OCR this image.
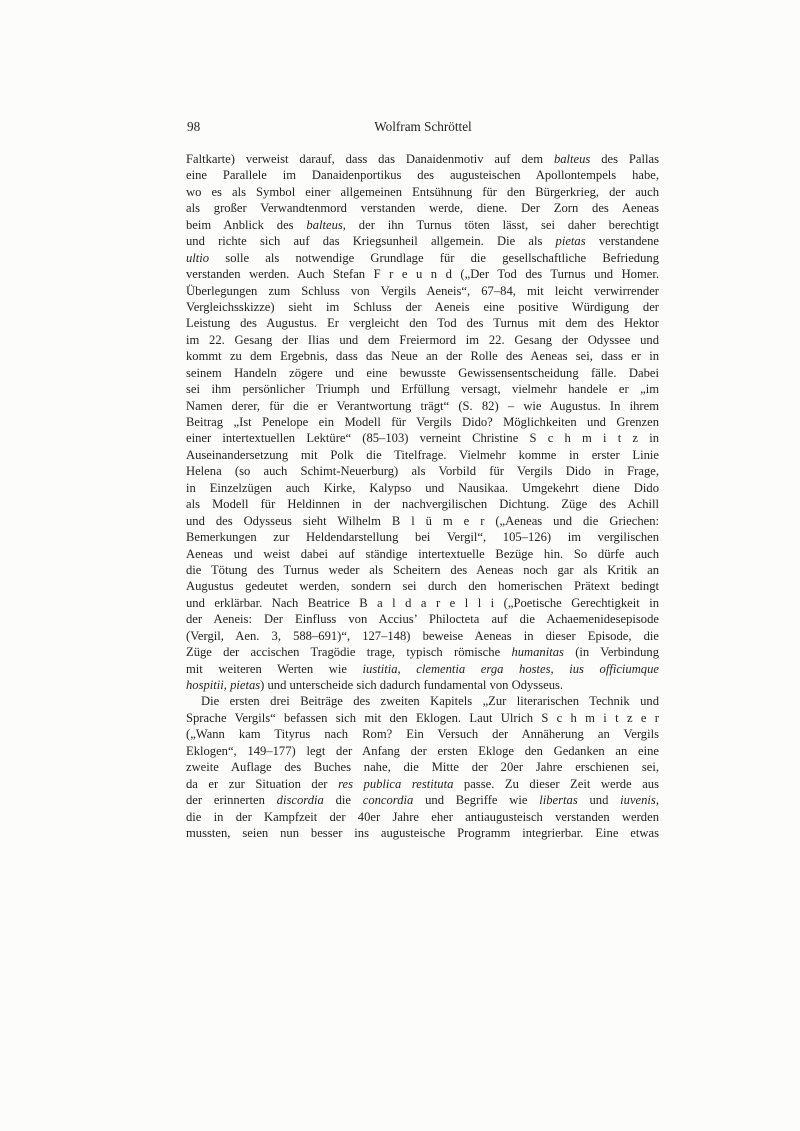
98	Wolfram Schröttel
Faltkarte) verweist darauf, dass das Danaidenmotiv auf dem balteus des Pallas
eine Parallele im Danaidenportikus des augusteischen Apollontempels habe,
wo es als Symbol einer allgemeinen Entsühnung für den Bürgerkrieg, der auch
als großer Verwandtenmord verstanden werde, diene. Der Zorn des Aeneas
beim Anblick des balteus, der ihn Turnus töten lässt, sei daher berechtigt
und richte sich auf das Kriegsunheil allgemein. Die als pietas verstandene
ultio solle als notwendige Grundlage für die gesellschaftliche Befriedung
verstanden werden. Auch Stefan F r e u n d („Der Tod des Turnus und Homer.
Überlegungen zum Schluss von Vergils Aeneis“, 67–84, mit leicht verwirrender
Vergleichsskizze) sieht im Schluss der Aeneis eine positive Würdigung der
Leistung des Augustus. Er vergleicht den Tod des Turnus mit dem des Hektor
im 22. Gesang der Ilias und dem Freiermord im 22. Gesang der Odyssee und
kommt zu dem Ergebnis, dass das Neue an der Rolle des Aeneas sei, dass er in
seinem Handeln zögere und eine bewusste Gewissensentscheidung fälle. Dabei
sei ihm persönlicher Triumph und Erfüllung versagt, vielmehr handele er „im
Namen derer, für die er Verantwortung trägt“ (S. 82) – wie Augustus. In ihrem
Beitrag „Ist Penelope ein Modell für Vergils Dido? Möglichkeiten und Grenzen
einer intertextuellen Lektüre“ (85–103) verneint Christine S c h m i t z in
Auseinandersetzung mit Polk die Titelfrage. Vielmehr komme in erster Linie
Helena (so auch Schimt-Neuerburg) als Vorbild für Vergils Dido in Frage,
in Einzelzügen auch Kirke, Kalypso und Nausikaa. Umgekehrt diene Dido
als Modell für Heldinnen in der nachvergilischen Dichtung. Züge des Achill
und des Odysseus sieht Wilhelm B l ü m e r („Aeneas und die Griechen:
Bemerkungen zur Heldendarstellung bei Vergil“, 105–126) im vergilischen
Aeneas und weist dabei auf ständige intertextuelle Bezüge hin. So dürfe auch
die Tötung des Turnus weder als Scheitern des Aeneas noch gar als Kritik an
Augustus gedeutet werden, sondern sei durch den homerischen Prätext bedingt
und erklärbar. Nach Beatrice B a l d a r e l l i („Poetische Gerechtigkeit in
der Aeneis: Der Einfluss von Accius’ Philocteta auf die Achaemenidesepisode
(Vergil, Aen. 3, 588–691)“, 127–148) beweise Aeneas in dieser Episode, die
Züge der accischen Tragödie trage, typisch römische humanitas (in Verbindung
mit weiteren Werten wie iustitia, clementia erga hostes, ius officiumque
hospitii, pietas) und unterscheide sich dadurch fundamental von Odysseus.
Die ersten drei Beiträge des zweiten Kapitels „Zur literarischen Technik und
Sprache Vergils“ befassen sich mit den Eklogen. Laut Ulrich S c h m i t z e r
(„Wann kam Tityrus nach Rom? Ein Versuch der Annäherung an Vergils
Eklogen“, 149–177) legt der Anfang der ersten Ekloge den Gedanken an eine
zweite Auflage des Buches nahe, die Mitte der 20er Jahre erschienen sei,
da er zur Situation der res publica restituta passe. Zu dieser Zeit werde aus
der erinnerten discordia die concordia und Begriffe wie libertas und iuvenis,
die in der Kampfzeit der 40er Jahre eher antiaugusteisch verstanden werden
mussten, seien nun besser ins augusteische Programm integrierbar. Eine etwas
